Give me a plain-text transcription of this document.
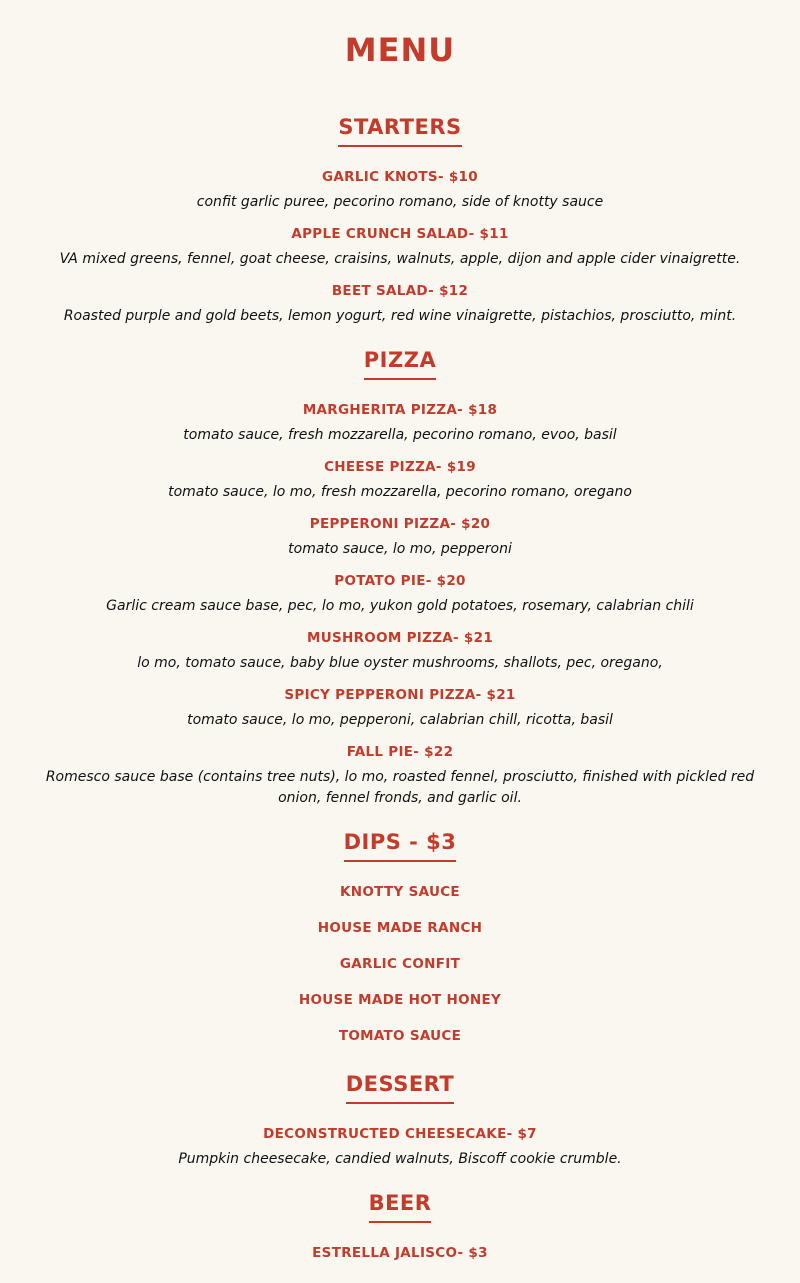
MENU
STARTERS
GARLIC KNOTS- $10
confit garlic puree, pecorino romano, side of knotty sauce
APPLE CRUNCH SALAD- $11
VA mixed greens, fennel, goat cheese, craisins, walnuts, apple, dijon and apple cider vinaigrette.
BEET SALAD- $12
Roasted purple and gold beets, lemon yogurt, red wine vinaigrette, pistachios, prosciutto, mint.
PIZZA
MARGHERITA PIZZA- $18
tomato sauce, fresh mozzarella, pecorino romano, evoo, basil
CHEESE PIZZA- $19
tomato sauce, lo mo, fresh mozzarella, pecorino romano, oregano
PEPPERONI PIZZA- $20
tomato sauce, lo mo, pepperoni
POTATO PIE- $20
Garlic cream sauce base, pec, lo mo, yukon gold potatoes, rosemary, calabrian chili
MUSHROOM PIZZA- $21
lo mo, tomato sauce, baby blue oyster mushrooms, shallots, pec, oregano,
SPICY PEPPERONI PIZZA- $21
tomato sauce, lo mo, pepperoni, calabrian chill, ricotta, basil
FALL PIE- $22
Romesco sauce base (contains tree nuts), lo mo, roasted fennel, prosciutto, finished with pickled red onion, fennel fronds, and garlic oil.
DIPS - $3
KNOTTY SAUCE
HOUSE MADE RANCH
GARLIC CONFIT
HOUSE MADE HOT HONEY
TOMATO SAUCE
DESSERT
DECONSTRUCTED CHEESECAKE- $7
Pumpkin cheesecake, candied walnuts, Biscoff cookie crumble.
BEER
ESTRELLA JALISCO- $3
